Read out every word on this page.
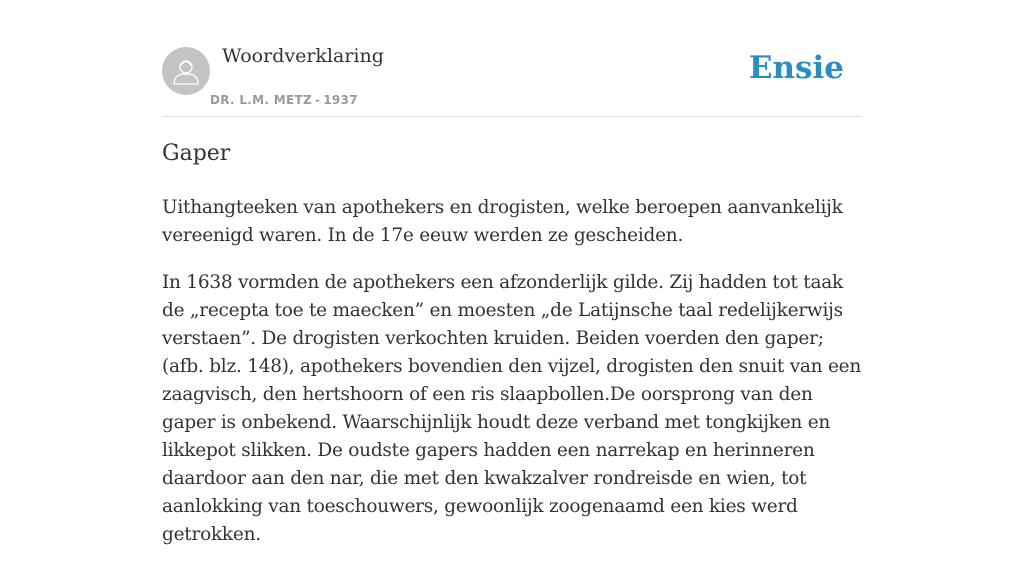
Woordverklaring
DR. L.M. METZ - 1937
Ensie
Gaper

Uithangteeken van apothekers en drogisten, welke beroepen aanvankelijk vereenigd waren. In de 17e eeuw werden ze gescheiden.

In 1638 vormden de apothekers een afzonderlijk gilde. Zij hadden tot taak de „recepta toe te maecken” en moesten „de Latijnsche taal redelijkerwijs verstaen”. De drogisten verkochten kruiden. Beiden voerden den gaper; (afb. blz. 148), apothekers bovendien den vijzel, drogisten den snuit van een zaagvisch, den hertshoorn of een ris slaapbollen.De oorsprong van den gaper is onbekend. Waarschijnlijk houdt deze verband met tongkijken en likkepot slikken. De oudste gapers hadden een narrekap en herinneren daardoor aan den nar, die met den kwakzalver rondreisde en wien, tot aanlokking van toeschouwers, gewoonlijk zoogenaamd een kies werd getrokken.
